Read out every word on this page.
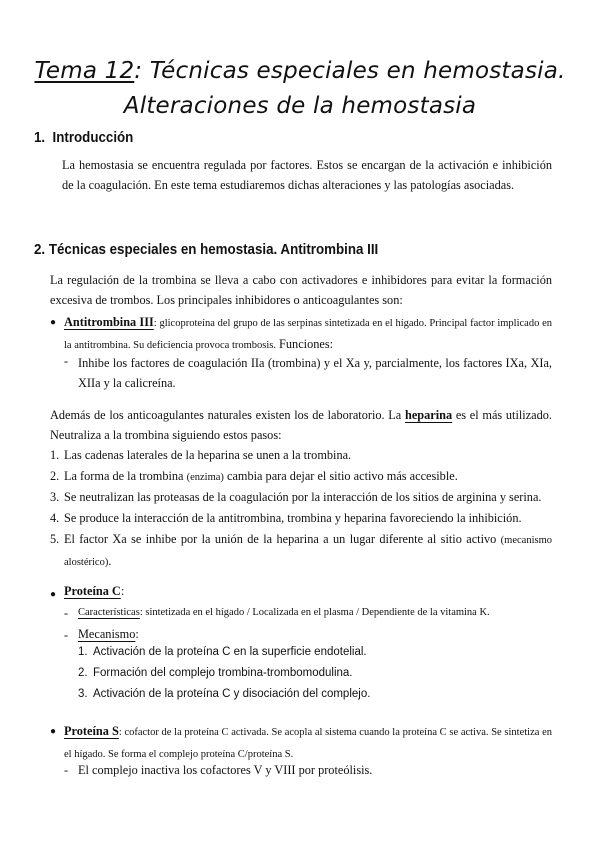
Tema 12: Técnicas especiales en hemostasia.
Alteraciones de la hemostasia
1. Introducción
La hemostasia se encuentra regulada por factores. Estos se encargan de la activación e inhibición de la coagulación. En este tema estudiaremos dichas alteraciones y las patologías asociadas.
2. Técnicas especiales en hemostasia. Antitrombina III
La regulación de la trombina se lleva a cabo con activadores e inhibidores para evitar la formación excesiva de trombos. Los principales inhibidores o anticoagulantes son:
● Antitrombina III: glicoproteína del grupo de las serpinas sintetizada en el hígado. Principal factor implicado en la antitrombina. Su deficiencia provoca trombosis. Funciones:
- Inhibe los factores de coagulación IIa (trombina) y el Xa y, parcialmente, los factores IXa, XIa, XIIa y la calicreína.
Además de los anticoagulantes naturales existen los de laboratorio. La heparina es el más utilizado. Neutraliza a la trombina siguiendo estos pasos:
1. Las cadenas laterales de la heparina se unen a la trombina.
2. La forma de la trombina (enzima) cambia para dejar el sitio activo más accesible.
3. Se neutralizan las proteasas de la coagulación por la interacción de los sitios de arginina y serina.
4. Se produce la interacción de la antitrombina, trombina y heparina favoreciendo la inhibición.
5. El factor Xa se inhibe por la unión de la heparina a un lugar diferente al sitio activo (mecanismo alostérico).
● Proteína C:
- Características: sintetizada en el hígado / Localizada en el plasma / Dependiente de la vitamina K.
- Mecanismo:
1. Activación de la proteína C en la superficie endotelial.
2. Formación del complejo trombina-trombomodulina.
3. Activación de la proteína C y disociación del complejo.
● Proteína S: cofactor de la proteína C activada. Se acopla al sistema cuando la proteína C se activa. Se sintetiza en el hígado. Se forma el complejo proteína C/proteína S.
- El complejo inactiva los cofactores V y VIII por proteólisis.
